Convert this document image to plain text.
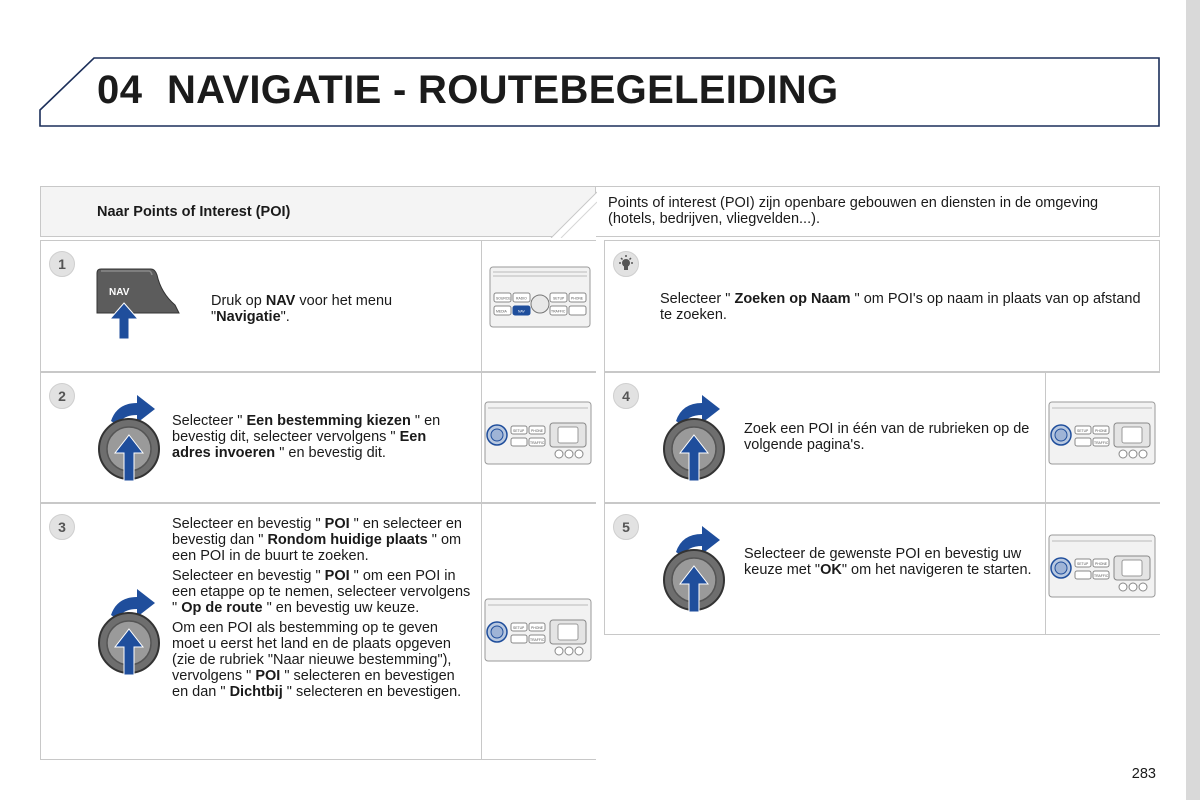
04 NAVIGATIE - ROUTEBEGELEIDING
Naar Points of Interest (POI)
Points of interest (POI) zijn openbare gebouwen en diensten in de omgeving (hotels, bedrijven, vliegvelden...).
1
NAV
Druk op NAV voor het menu "Navigatie".
SOURCE RADIO	SETUP PHONE
MEDIA	NAV	TRAFFIC
2
Selecteer " Een bestemming kiezen " en bevestig dit, selecteer vervolgens " Een adres invoeren " en bevestig dit.
SETUP PHONE
TRAFFIC
3	Selecteer en bevestig " POI " en selecteer en bevestig dan " Rondom huidige plaats " om een POI in de buurt te zoeken.

Selecteer en bevestig " POI " om een POI in een etappe op te nemen, selecteer vervolgens " Op de route " en bevestig uw keuze.

Om een POI als bestemming op te geven moet u eerst het land en de plaats opgeven (zie de rubriek "Naar nieuwe bestemming"), vervolgens " POI " selecteren en bevestigen en dan " Dichtbij " selecteren en bevestigen.

SETUP PHONE
TRAFFIC
Selecteer " Zoeken op Naam " om POI's op naam in plaats van op afstand te zoeken.
4
Zoek een POI in één van de rubrieken op de volgende pagina's.
SETUP PHONE
TRAFFIC
5
Selecteer de gewenste POI en bevestig uw keuze met "OK" om het navigeren te starten.	SETUP PHONE
TRAFFIC
283
